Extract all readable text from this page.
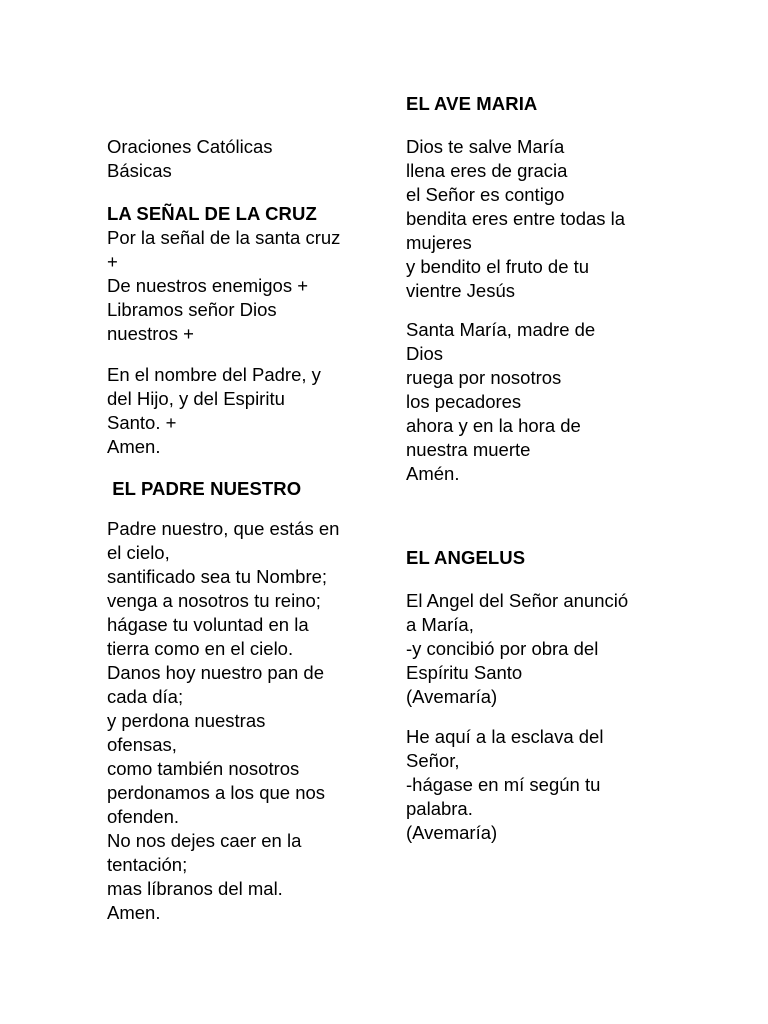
Oraciones Católicas
Básicas
LA SEÑAL DE LA CRUZ
Por la señal de la santa cruz
+
De nuestros enemigos +
Libramos señor Dios
nuestros +
En el nombre del Padre, y
del Hijo, y del Espiritu
Santo. +
Amen.
EL PADRE NUESTRO
Padre nuestro, que estás en
el cielo,
santificado sea tu Nombre;
venga a nosotros tu reino;
hágase tu voluntad en la
tierra como en el cielo.
Danos hoy nuestro pan de
cada día;
y perdona nuestras
ofensas,
como también nosotros
perdonamos a los que nos
ofenden.
No nos dejes caer en la
tentación;
mas líbranos del mal.
Amen.
EL AVE MARIA
Dios te salve María
llena eres de gracia
el Señor es contigo
bendita eres entre todas la
mujeres
y bendito el fruto de tu
vientre Jesús
Santa María, madre de
Dios
ruega por nosotros
los pecadores
ahora y en la hora de
nuestra muerte
Amén.
EL ANGELUS
El Angel del Señor anunció
a María,
-y concibió por obra del
Espíritu Santo
(Avemaría)
He aquí a la esclava del
Señor,
-hágase en mí según tu
palabra.
(Avemaría)
